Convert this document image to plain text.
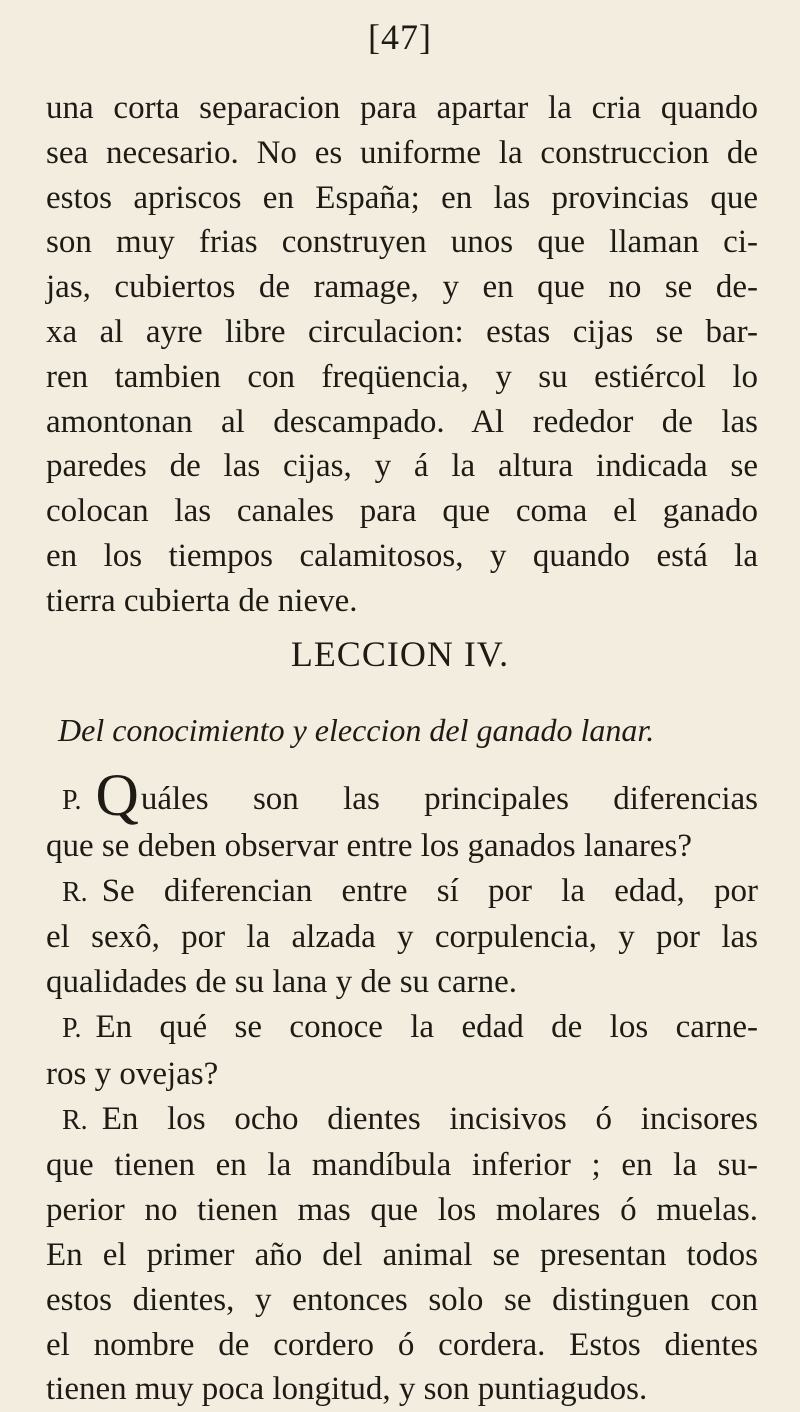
[47]
una corta separacion para apartar la cria quando
sea necesario. No es uniforme la construccion de
estos apriscos en España; en las provincias que
son muy frias construyen unos que llaman ci-
jas, cubiertos de ramage, y en que no se de-
xa al ayre libre circulacion: estas cijas se bar-
ren tambien con freqüencia, y su estiércol lo
amontonan al descampado. Al rededor de las
paredes de las cijas, y á la altura indicada se
colocan las canales para que coma el ganado
en los tiempos calamitosos, y quando está la
tierra cubierta de nieve.
LECCION IV.
Del conocimiento y eleccion del ganado lanar.
P. Quáles son las principales diferencias
que se deben observar entre los ganados lanares?
R. Se diferencian entre sí por la edad, por
el sexô, por la alzada y corpulencia, y por las
qualidades de su lana y de su carne.
P. En qué se conoce la edad de los carne-
ros y ovejas?
R. En los ocho dientes incisivos ó incisores
que tienen en la mandíbula inferior ; en la su-
perior no tienen mas que los molares ó muelas.
En el primer año del animal se presentan todos
estos dientes, y entonces solo se distinguen con
el nombre de cordero ó cordera. Estos dientes
tienen muy poca longitud, y son puntiagudos.
